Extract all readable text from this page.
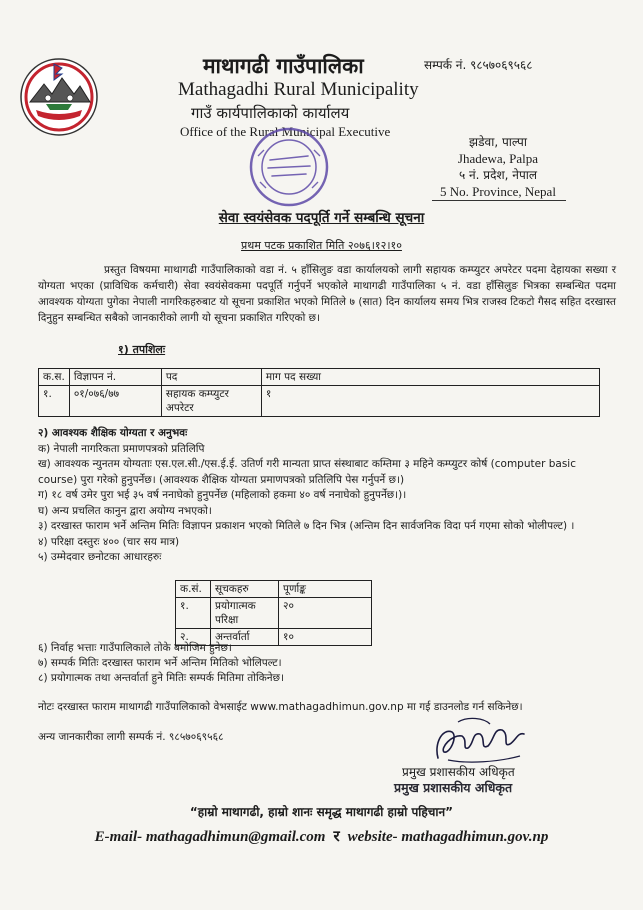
माथागढी गाउँपालिका
Mathagadhi Rural Municipality
गाउँ कार्यपालिकाको कार्यालय
Office of the Rural Municipal Executive
सम्पर्क नं. ९८५७०६९५६८
झडेवा, पाल्पा
Jhadewa, Palpa
५ नं. प्रदेश, नेपाल
5 No. Province, Nepal
सेवा स्वयंसेवक पदपूर्ति गर्ने सम्बन्धि सूचना
प्रथम पटक प्रकाशित मिति २०७६।१२।१०
प्रस्तुत विषयमा माथागढी गाउँपालिकाको वडा नं. ५ हाँसिलुङ वडा कार्यालयको लागी सहायक कम्प्युटर अपरेटर पदमा देहायका सख्या र योग्यता भएका (प्राविधिक कर्मचारी) सेवा स्वयंसेवकमा पदपूर्ति गर्नुपर्ने भएकोले माथागढी गाउँपालिका ५ नं. वडा हाँसिलुङ भित्रका सम्बन्धित पदमा आवश्यक योग्यता पुगेका नेपाली नागरिकहरुबाट यो सूचना प्रकाशित भएको मितिले ७ (सात) दिन कार्यालय समय भित्र राजस्व टिकटो गैसद सहित दरखास्त दिनुहुन सम्बन्धित सबैको जानकारीको लागी यो सूचना प्रकाशित गरिएको छ।
१) तपशिलः
क.स.	विज्ञापन नं.	पद	माग पद सख्या
१.	०१/०७६/७७	सहायक कम्प्युटर अपरेटर	१
२) आवश्यक शैक्षिक योग्यता र अनुभवः
क) नेपाली नागरिकता प्रमाणपत्रको प्रतिलिपि
ख) आवश्यक न्युनतम योग्यताः एस.एल.सी./एस.ई.ई. उतिर्ण गरी मान्यता प्राप्त संस्थाबाट कम्तिमा ३ महिने कम्प्युटर कोर्ष (computer basic course) पुरा गरेको हुनुपर्नेछ। (आवश्यक शैक्षिक योग्यता प्रमाणपत्रको प्रतिलिपि पेस गर्नुपर्ने छ।)
ग) १८ वर्ष उमेर पुरा भई ३५ वर्ष ननाघेको हुनुपर्नेछ (महिलाको हकमा ४० वर्ष ननाघेको हुनुपर्नेछ।)।
घ) अन्य प्रचलित कानुन द्वारा अयोग्य नभएको।
३) दरखास्त फाराम भर्ने अन्तिम मितिः विज्ञापन प्रकाशन भएको मितिले ७ दिन भित्र (अन्तिम दिन सार्वजनिक विदा पर्न गएमा सोको भोलीपल्ट) ।
४) परिक्षा दस्तुरः ४०० (चार सय मात्र)
५) उम्मेदवार छनोटका आधारहरुः
क.सं.	सूचकहरु	पूर्णाङ्क
१.	प्रयोगात्मक परिक्षा	२०
२.	अन्तर्वार्ता	१०
६) निर्वाह भत्ताः गाउँपालिकाले तोके बमोजिम हुनेछ।
७) सम्पर्क मितिः दरखास्त फाराम भर्ने अन्तिम मितिको भोलिपल्ट।
८) प्रयोगात्मक तथा अन्तर्वार्ता हुने मितिः सम्पर्क मितिमा तोकिनेछ।
नोटः दरखास्त फाराम माथागढी गाउँपालिकाको वेभसाईट www.mathagadhimun.gov.np मा गई डाउनलोड गर्न सकिनेछ।
अन्य जानकारीका लागी सम्पर्क नं. ९८५७०६९५६८
प्रमुख प्रशासकीय अधिकृत
प्रमुख प्रशासकीय अधिकृत
“हाम्रो माथागढी, हाम्रो शानः समृद्ध माथागढी हाम्रो पहिचान”
E-mail- mathagadhimun@gmail.com र website- mathagadhimun.gov.np
